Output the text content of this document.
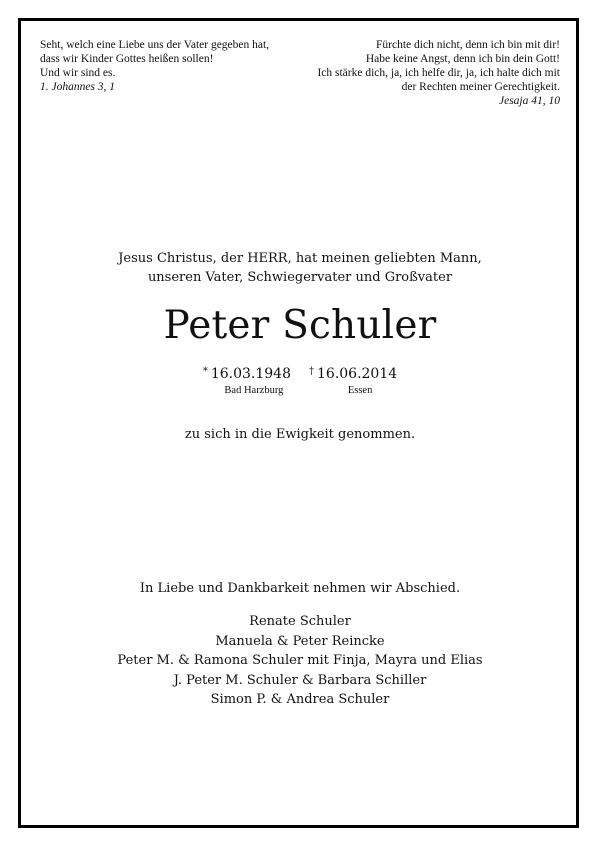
Seht, welch eine Liebe uns der Vater gegeben hat,
dass wir Kinder Gottes heißen sollen!
Und wir sind es.
1. Johannes 3, 1
Fürchte dich nicht, denn ich bin mit dir!
Habe keine Angst, denn ich bin dein Gott!
Ich stärke dich, ja, ich helfe dir, ja, ich halte dich mit
der Rechten meiner Gerechtigkeit.
Jesaja 41, 10
Jesus Christus, der HERR, hat meinen geliebten Mann,
unseren Vater, Schwiegervater und Großvater
Peter Schuler
* 16.03.1948
Bad Harzburg
† 16.06.2014
Essen
zu sich in die Ewigkeit genommen.
In Liebe und Dankbarkeit nehmen wir Abschied.
Renate Schuler
Manuela & Peter Reincke
Peter M. & Ramona Schuler mit Finja, Mayra und Elias
J. Peter M. Schuler & Barbara Schiller
Simon P. & Andrea Schuler
